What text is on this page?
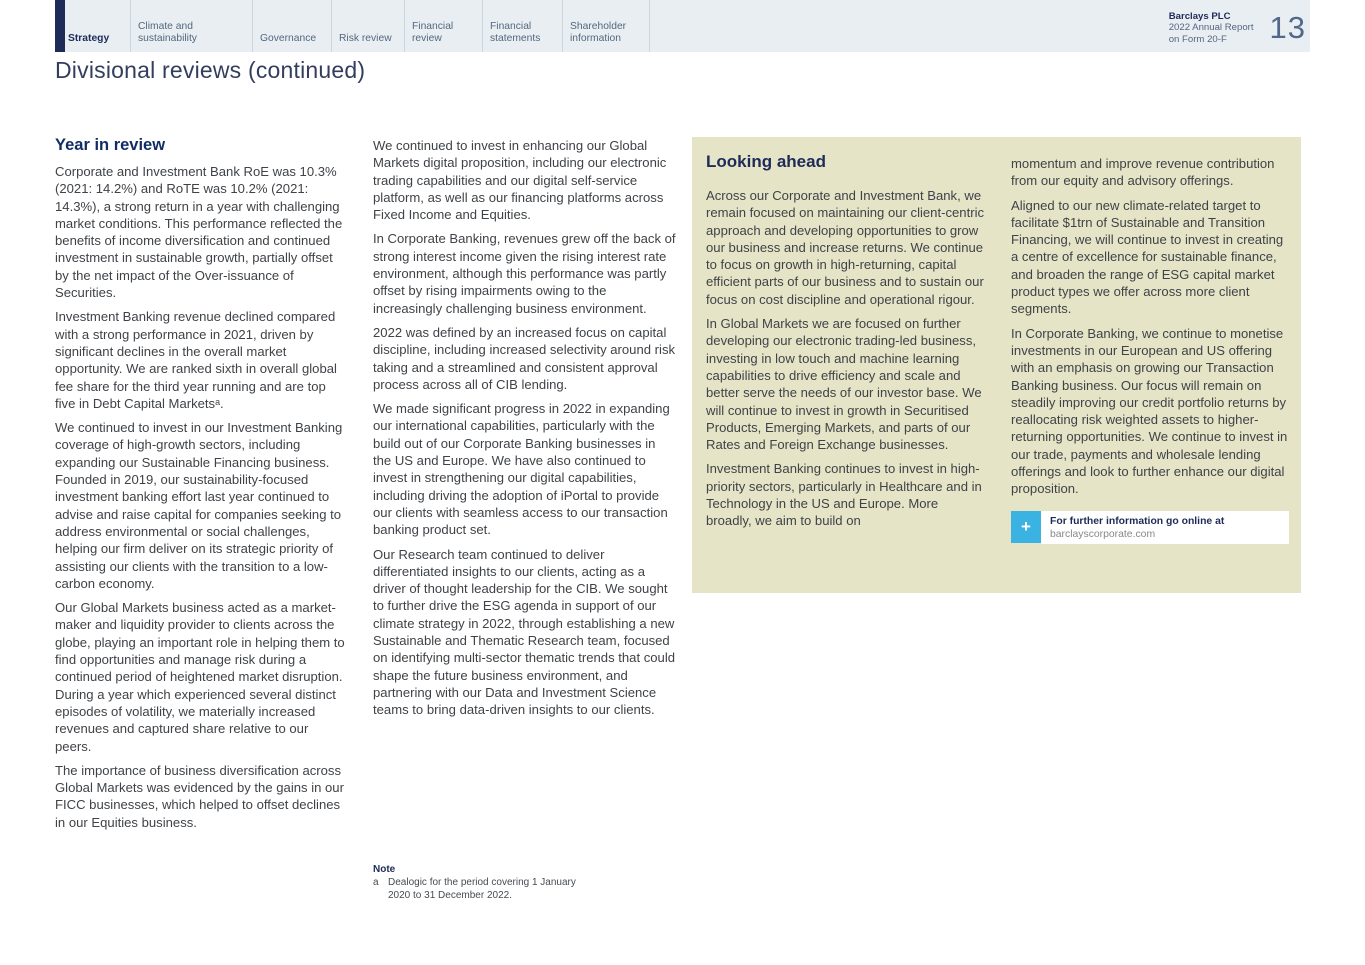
Strategy
Climate and sustainability	Governance	Risk review
Financial review
Financial statements
Shareholder information
Barclays PLC
2022 Annual Report
on Form 20-F	13
Divisional reviews (continued)
Year in review

Corporate and Investment Bank RoE was 10.3% (2021: 14.2%) and RoTE was 10.2% (2021: 14.3%), a strong return in a year with challenging market conditions. This performance reflected the benefits of income diversification and continued investment in sustainable growth, partially offset by the net impact of the Over-issuance of Securities.

Investment Banking revenue declined compared with a strong performance in 2021, driven by significant declines in the overall market opportunity. We are ranked sixth in overall global fee share for the third year running and are top five in Debt Capital Marketsᵃ.

We continued to invest in our Investment Banking coverage of high-growth sectors, including expanding our Sustainable Financing business. Founded in 2019, our sustainability-focused investment banking effort last year continued to advise and raise capital for companies seeking to address environmental or social challenges, helping our firm deliver on its strategic priority of assisting our clients with the transition to a low-carbon economy.

Our Global Markets business acted as a market-maker and liquidity provider to clients across the globe, playing an important role in helping them to find opportunities and manage risk during a continued period of heightened market disruption. During a year which experienced several distinct episodes of volatility, we materially increased revenues and captured share relative to our peers.

The importance of business diversification across Global Markets was evidenced by the gains in our FICC businesses, which helped to offset declines in our Equities business.

We continued to invest in enhancing our Global Markets digital proposition, including our electronic trading capabilities and our digital self-service platform, as well as our financing platforms across Fixed Income and Equities.

In Corporate Banking, revenues grew off the back of strong interest income given the rising interest rate environment, although this performance was partly offset by rising impairments owing to the increasingly challenging business environment.

2022 was defined by an increased focus on capital discipline, including increased selectivity around risk taking and a streamlined and consistent approval process across all of CIB lending.

We made significant progress in 2022 in expanding our international capabilities, particularly with the build out of our Corporate Banking businesses in the US and Europe. We have also continued to invest in strengthening our digital capabilities, including driving the adoption of iPortal to provide our clients with seamless access to our transaction banking product set.

Our Research team continued to deliver differentiated insights to our clients, acting as a driver of thought leadership for the CIB. We sought to further drive the ESG agenda in support of our climate strategy in 2022, through establishing a new Sustainable and Thematic Research team, focused on identifying multi-sector thematic trends that could shape the future business environment, and partnering with our Data and Investment Science teams to bring data-driven insights to our clients.

Note
a Dealogic for the period covering 1 January 2020 to 31 December 2022.
Looking ahead

Across our Corporate and Investment Bank, we remain focused on maintaining our client-centric approach and developing opportunities to grow our business and increase returns. We continue to focus on growth in high-returning, capital efficient parts of our business and to sustain our focus on cost discipline and operational rigour.

In Global Markets we are focused on further developing our electronic trading-led business, investing in low touch and machine learning capabilities to drive efficiency and scale and better serve the needs of our investor base. We will continue to invest in growth in Securitised Products, Emerging Markets, and parts of our Rates and Foreign Exchange businesses.

Investment Banking continues to invest in high-priority sectors, particularly in Healthcare and in Technology in the US and Europe. More broadly, we aim to build on

momentum and improve revenue contribution from our equity and advisory offerings.

Aligned to our new climate-related target to facilitate $1trn of Sustainable and Transition Financing, we will continue to invest in creating a centre of excellence for sustainable finance, and broaden the range of ESG capital market product types we offer across more client segments.

In Corporate Banking, we continue to monetise investments in our European and US offering with an emphasis on growing our Transaction Banking business. Our focus will remain on steadily improving our credit portfolio returns by reallocating risk weighted assets to higher-returning opportunities. We continue to invest in our trade, payments and wholesale lending offerings and look to further enhance our digital proposition.

+	For further information go online at
barclayscorporate.com
